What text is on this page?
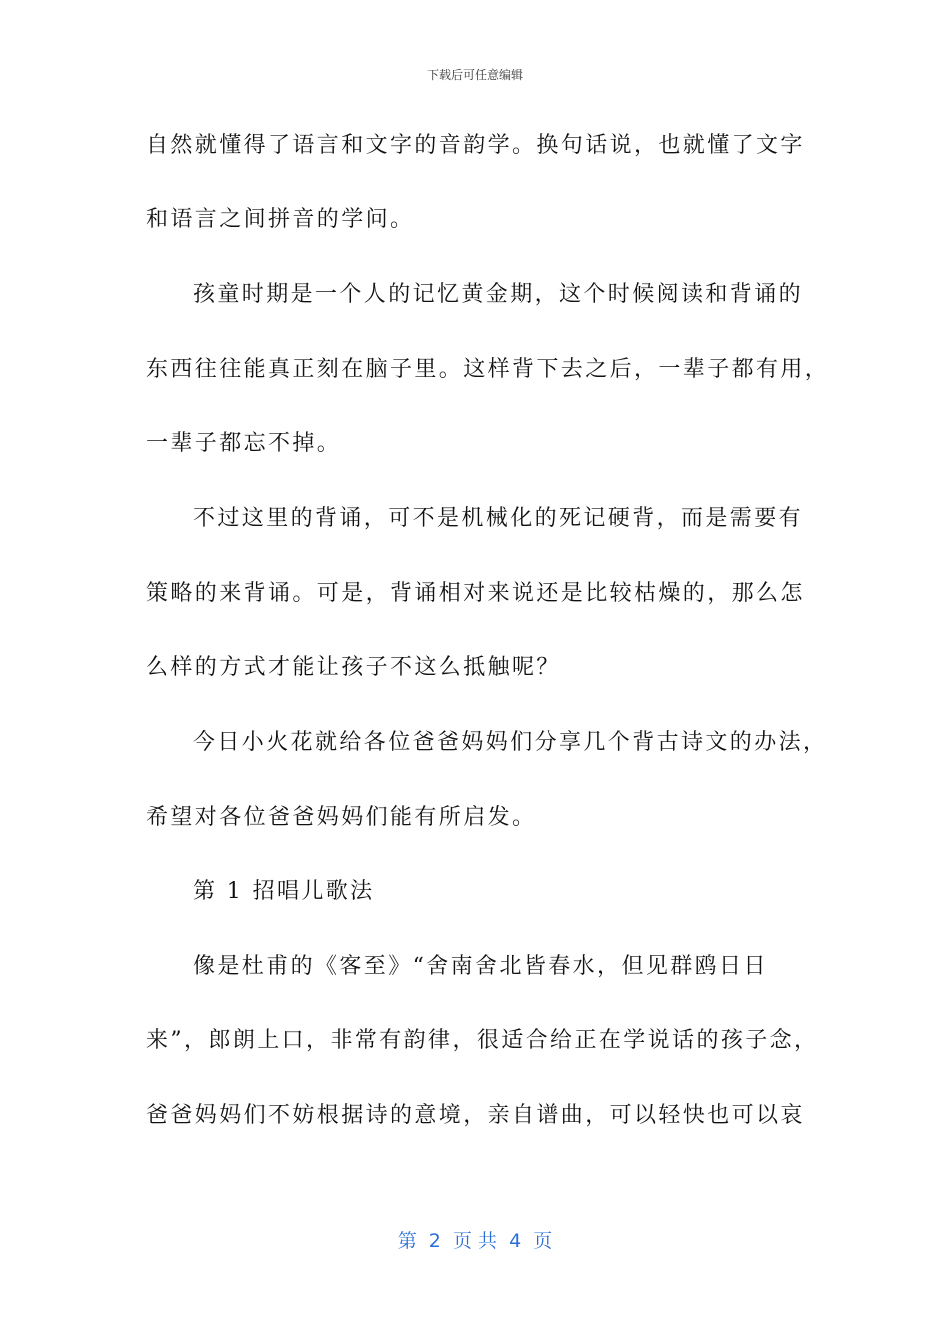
下载后可任意编辑
自然就懂得了语言和文字的音韵学。换句话说，也就懂了文字
和语言之间拼音的学问。
孩童时期是一个人的记忆黄金期，这个时候阅读和背诵的
东西往往能真正刻在脑子里。这样背下去之后，一辈子都有用，
一辈子都忘不掉。
不过这里的背诵，可不是机械化的死记硬背，而是需要有
策略的来背诵。可是，背诵相对来说还是比较枯燥的，那么怎
么样的方式才能让孩子不这么抵触呢？
今日小火花就给各位爸爸妈妈们分享几个背古诗文的办法，
希望对各位爸爸妈妈们能有所启发。
第 1 招唱儿歌法
像是杜甫的《客至》“舍南舍北皆春水，但见群鸥日日
来”，郎朗上口，非常有韵律，很适合给正在学说话的孩子念，
爸爸妈妈们不妨根据诗的意境，亲自谱曲，可以轻快也可以哀
第  2  页 共  4  页
